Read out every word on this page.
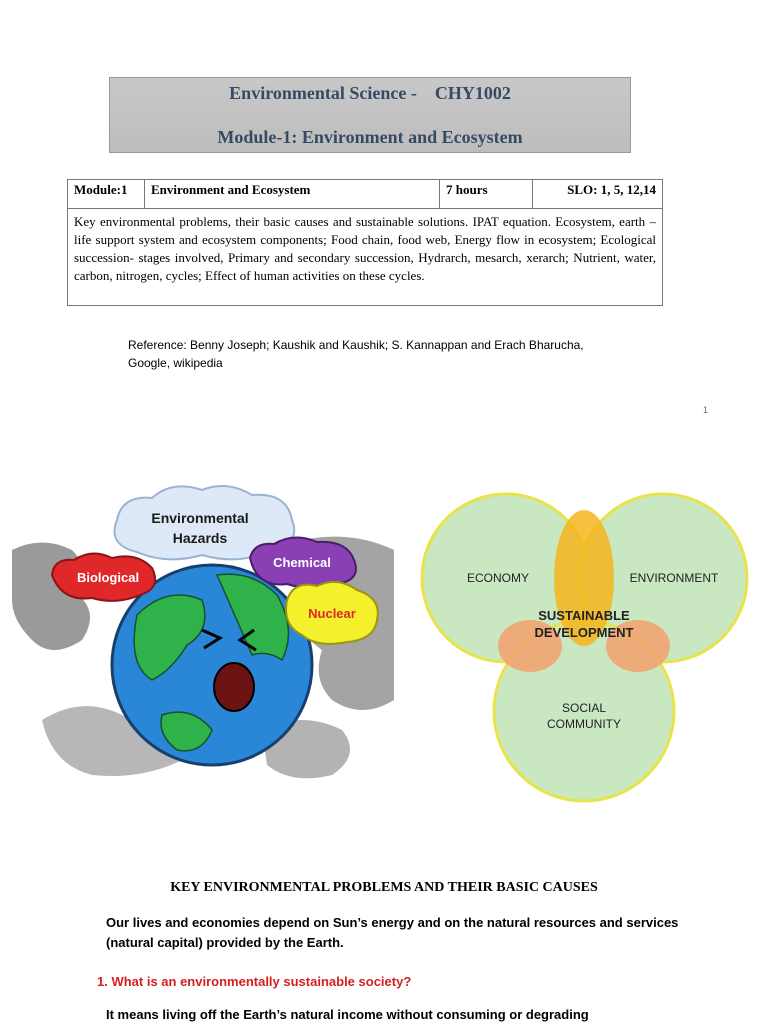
Environmental Science -    CHY1002
Module-1: Environment and Ecosystem
Module:1	Environment and Ecosystem	7 hours	SLO: 1, 5, 12,14
Key environmental problems, their basic causes and sustainable solutions. IPAT equation. Ecosystem, earth – life support system and ecosystem components; Food chain, food web, Energy flow in ecosystem; Ecological succession- stages involved, Primary and secondary succession, Hydrarch, mesarch, xerarch; Nutrient, water, carbon, nitrogen, cycles; Effect of human activities on these cycles.
Reference: Benny Joseph; Kaushik and Kaushik; S. Kannappan and Erach Bharucha, Google, wikipedia
1
Environmental
Hazards
Biological
Chemical
Nuclear
ECONOMY	ENVIRONMENT
SUSTAINABLE
DEVELOPMENT
SOCIAL
COMMUNITY
KEY ENVIRONMENTAL PROBLEMS AND THEIR BASIC CAUSES
Our lives and economies depend on Sun’s energy and on the natural resources and services (natural capital) provided by the Earth.
1. What is an environmentally sustainable society?
It means living off the Earth’s natural income without consuming or degrading
